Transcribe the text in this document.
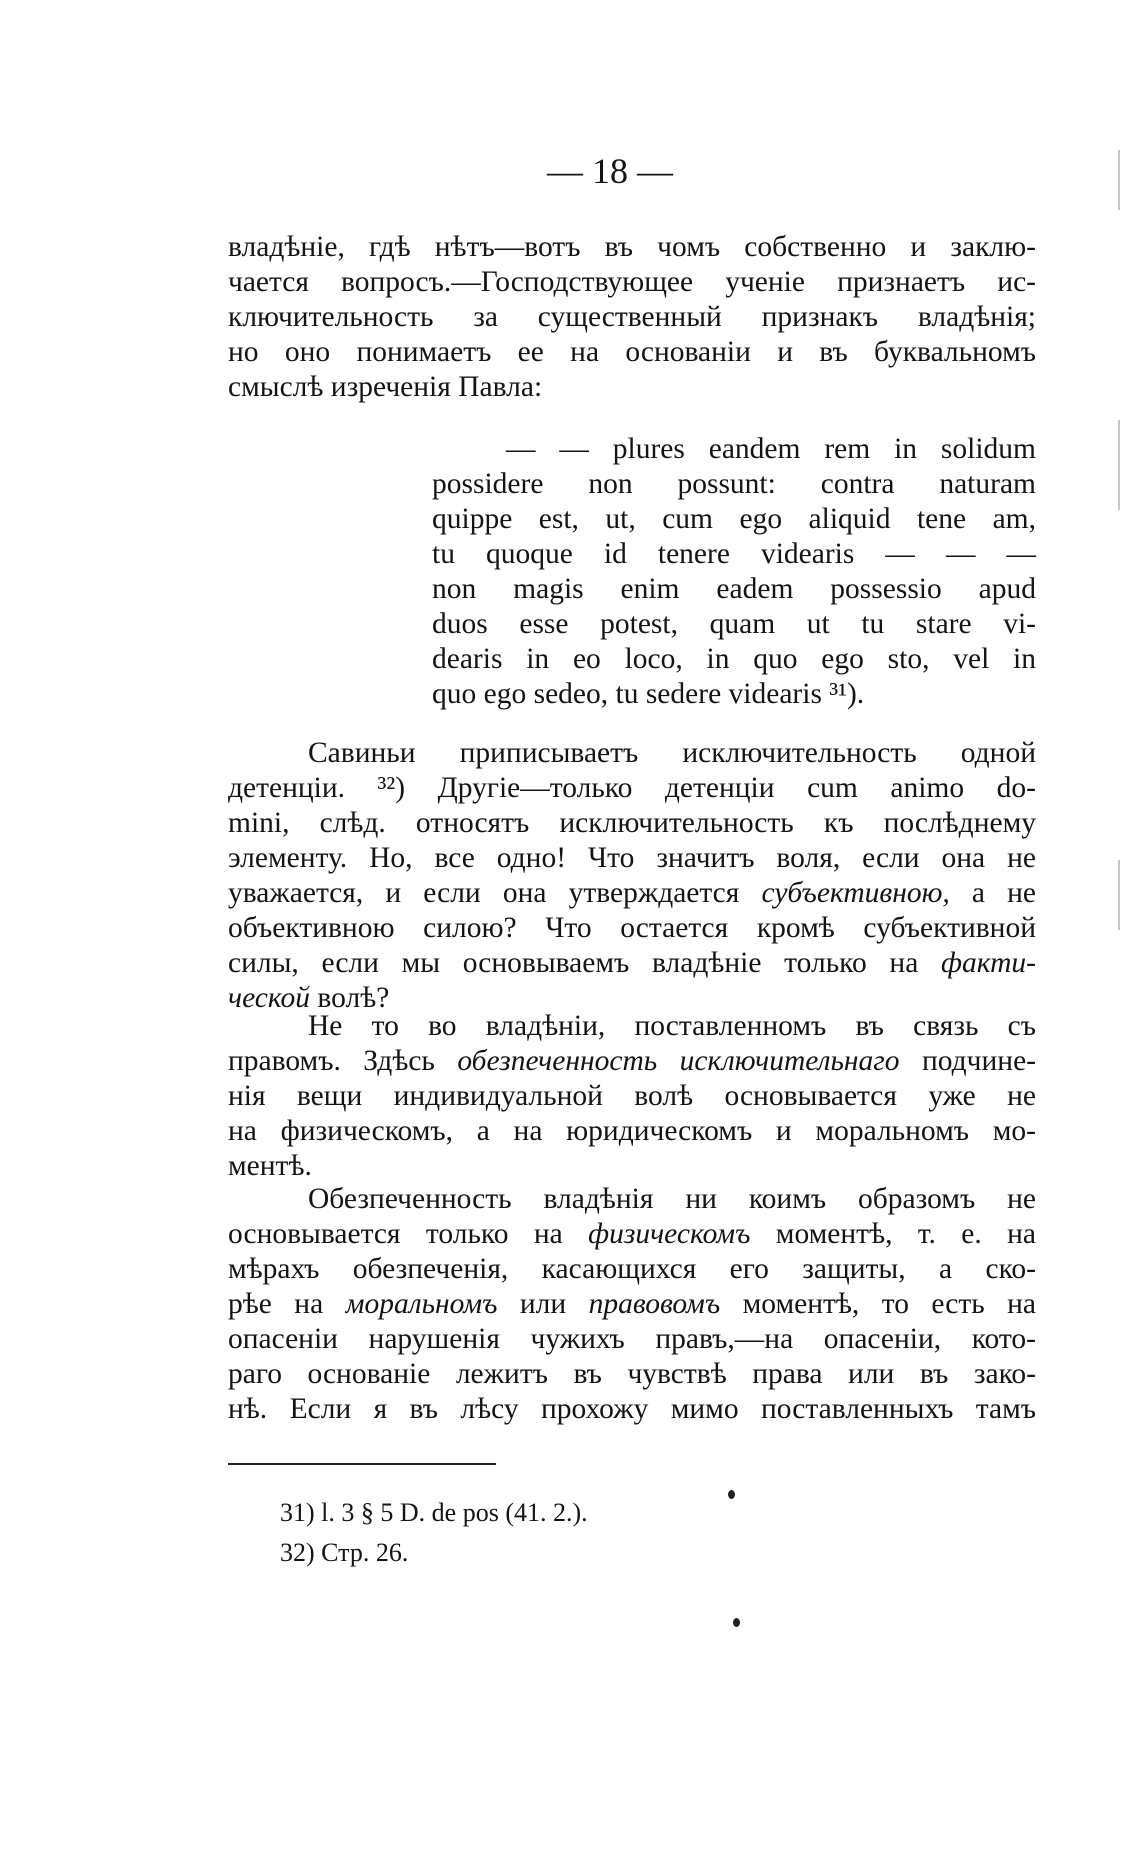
— 18 —
владѣніе, гдѣ нѣтъ—вотъ въ чомъ собственно и заклю-
чается вопросъ.—Господствующее ученіе признаетъ ис-
ключительность за существенный признакъ владѣнія;
но оно понимаетъ ее на основаніи и въ буквальномъ
смыслѣ изреченія Павла:
— — plures eandem rem in solidum
possidere non possunt: contra naturam
quippe est, ut, cum ego aliquid tene am,
tu quoque id tenere videaris — — —
non magis enim eadem possessio apud
duos esse potest, quam ut tu stare vi-
dearis in eo loco, in quo ego sto, vel in
quo ego sedeo, tu sedere videaris ³¹).
Савиньи приписываетъ исключительность одной
детенціи. ³²) Другіе—только детенціи cum animo do-
mini, слѣд. относятъ исключительность къ послѣднему
элементу. Но, все одно! Что значитъ воля, если она не
уважается, и если она утверждается субъективною, а не
объективною силою? Что остается кромѣ субъективной
силы, если мы основываемъ владѣніе только на факти-
ческой волѣ?
Не то во владѣніи, поставленномъ въ связь съ
правомъ. Здѣсь обезпеченность исключительнаго подчине-
нія вещи индивидуальной волѣ основывается уже не
на физическомъ, а на юридическомъ и моральномъ мо-
ментѣ.
Обезпеченность владѣнія ни коимъ образомъ не
основывается только на физическомъ моментѣ, т. е. на
мѣрахъ обезпеченія, касающихся его защиты, а ско-
рѣе на моральномъ или правовомъ моментѣ, то есть на
опасеніи нарушенія чужихъ правъ,—на опасеніи, кото-
раго основаніе лежитъ въ чувствѣ права или въ зако-
нѣ. Если я въ лѣсу прохожу мимо поставленныхъ тамъ
31) l. 3 § 5 D. de pos (41. 2.).
32) Стр. 26.
